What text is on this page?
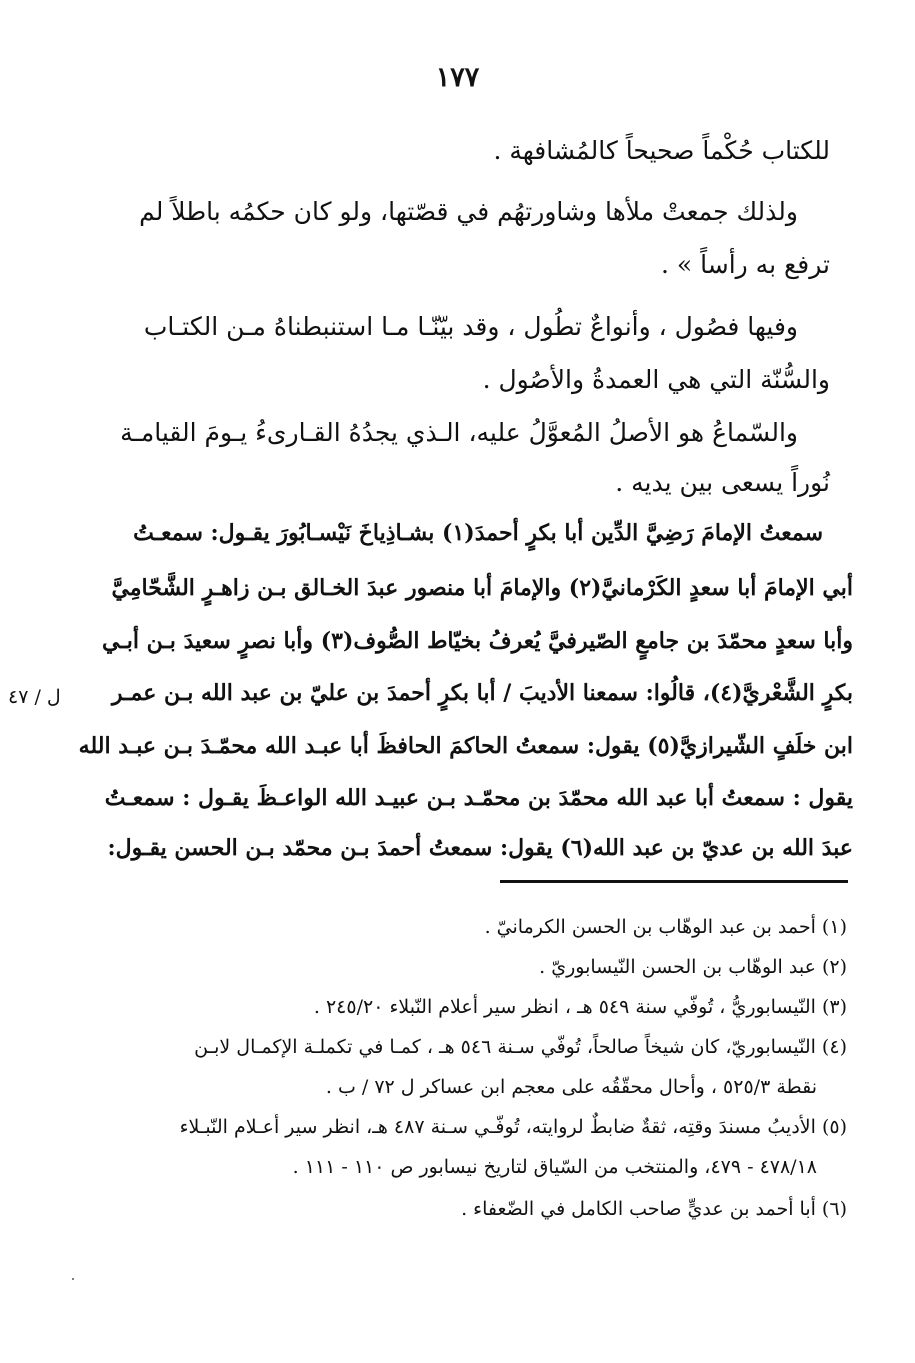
١٧٧
للكتاب حُكْماً صحيحاً كالمُشافهة .
ولذلك جمعتْ ملأها وشاورتهُم في قصّتها، ولو كان حكمُه باطلاً لم
ترفع به رأساً » .
وفيها فصُول ، وأنواعٌ تطُول ، وقد بيّنّـا مـا استنبطناهُ مـن الكتـاب
والسُّنّة التي هي العمدةُ والأصُول .
والسّماعُ هو الأصلُ المُعوَّلُ عليه، الـذي يجدُهُ القـارىءُ يـومَ القيامـة
نُوراً يسعى بين يديه .
سمعتُ الإمامَ رَضِيَّ الدِّين أبا بكرٍ أحمدَ(١) بشـاذِياخَ نَيْسـابُورَ يقـول: سمعـتُ
أبي الإمامَ أبا سعدٍ الكَرْمانيَّ(٢) والإمامَ أبا منصور عبدَ الخـالق بـن زاهـرٍ الشَّحّامِيَّ
وأبا سعدٍ محمّدَ بن جامعٍ الصّيرفيَّ يُعرفُ بخيّاط الصُّوف(٣) وأبا نصرٍ سعيدَ بـن أبـي
بكرٍ الشَّعْريَّ(٤)، قالُوا: سمعنا الأديبَ / أبا بكرٍ أحمدَ بن عليّ بن عبد الله بـن عمـر
ابن خلَفٍ الشّيرازيَّ(٥) يقول: سمعتُ الحاكمَ الحافظَ أبا عبـد الله محمّـدَ بـن عبـد الله
يقول : سمعتُ أبا عبد الله محمّدَ بن محمّـد بـن عبيـد الله الواعـظَ يقـول : سمعـتُ
عبدَ الله بن عديّ بن عبد الله(٦) يقول: سمعتُ أحمدَ بـن محمّد بـن الحسن يقـول:
ل / ٤٧
(١) أحمد بن عبد الوهّاب بن الحسن الكرمانيّ .
(٢) عبد الوهّاب بن الحسن النّيسابوريّ .
(٣) النّيسابوريُّ ، تُوفّي سنة ٥٤٩ هـ ، انظر سير أعلام النّبلاء ٢٤٥/٢٠ .
(٤) النّيسابوريّ، كان شيخاً صالحاً، تُوفّي سـنة ٥٤٦ هـ ، كمـا في تكملـة الإكمـال لابـن
نقطة ٥٢٥/٣ ، وأحال محقّقُه على معجم ابن عساكر ل ٧٢ / ب .
(٥) الأديبُ مسندَ وقتِه، ثقةٌ ضابطٌ لروايته، تُوفّـي سـنة ٤٨٧ هـ، انظر سير أعـلام النّبـلاء
٤٧٨/١٨ - ٤٧٩، والمنتخب من السّياق لتاريخ نيسابور ص ١١٠ - ١١١ .
(٦) أبا أحمد بن عديٍّ صاحب الكامل في الضّعفاء .
